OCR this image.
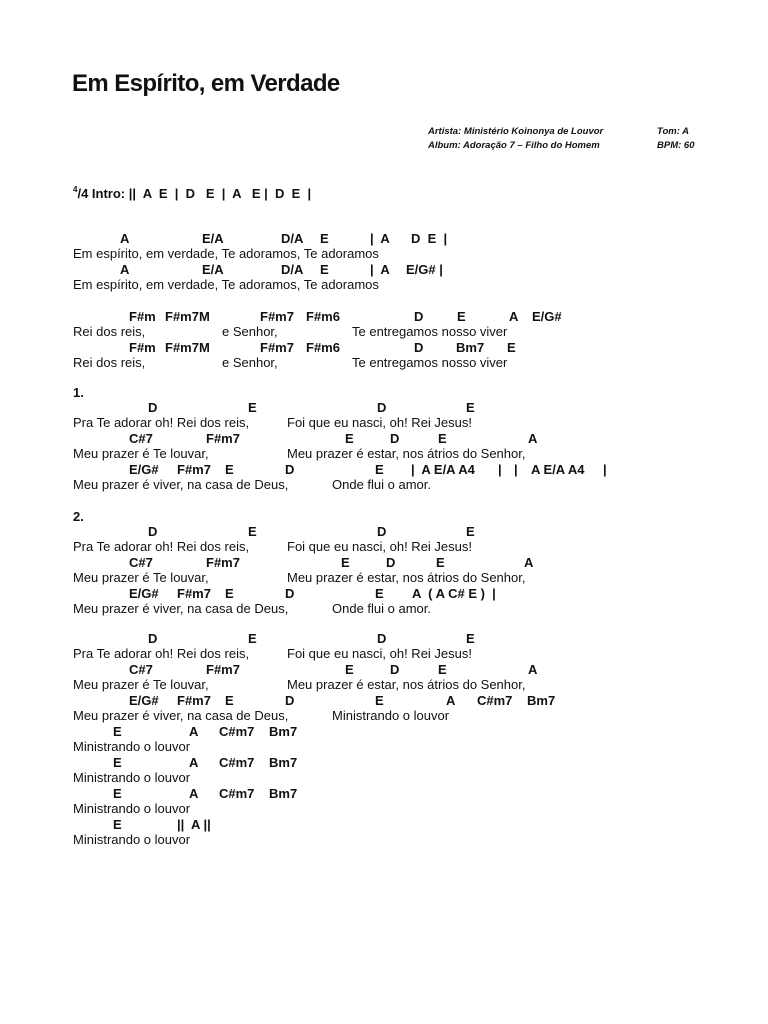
Em Espírito, em Verdade
Artista: Ministério Koinonya de Louvor
Album: Adoração 7 – Filho do Homem
Tom: A
BPM: 60

$^4$/4 Intro: ||  A  E  |  D   E  |  A   E |  D  E  |

A	E/A	D/A E	|  A D  E  |
Em espírito, em verdade, Te adoramos, Te adoramos
A	E/A	D/A E	|  A E/G# |
Em espírito, em verdade, Te adoramos, Te adoramos
F#m F#m7M	F#m7 F#m6	D	E	A E/G#
Rei dos reis,	e Senhor,	Te entregamos nosso viver
F#m F#m7M	F#m7 F#m6	D	Bm7 E
Rei dos reis,	e Senhor,	Te entregamos nosso viver
1.
D	E	D	E
Pra Te adorar oh! Rei dos reis,	Foi que eu nasci, oh! Rei Jesus!
C#7	F#m7	E	D	E	A
Meu prazer é Te louvar,	Meu prazer é estar, nos átrios do Senhor,
E/G# F#m7 E	D	E |  A E/A A4 | | A E/A A4 |
Meu prazer é viver, na casa de Deus,	Onde flui o amor.
2.
D	E	D	E
Pra Te adorar oh! Rei dos reis,	Foi que eu nasci, oh! Rei Jesus!
C#7	F#m7	E	D	E	A
Meu prazer é Te louvar,	Meu prazer é estar, nos átrios do Senhor,
E/G# F#m7 E	D	E A  ( A C# E )  |
Meu prazer é viver, na casa de Deus,	Onde flui o amor.
D	E	D	E
Pra Te adorar oh! Rei dos reis,	Foi que eu nasci, oh! Rei Jesus!
C#7	F#m7	E	D	E	A
Meu prazer é Te louvar,	Meu prazer é estar, nos átrios do Senhor,
E/G# F#m7 E	D	E	A C#m7 Bm7
Meu prazer é viver, na casa de Deus,	Ministrando o louvor
E	A C#m7 Bm7
Ministrando o louvor
E	A C#m7 Bm7
Ministrando o louvor
E	A C#m7 Bm7
Ministrando o louvor
E	||  A ||
Ministrando o louvor
